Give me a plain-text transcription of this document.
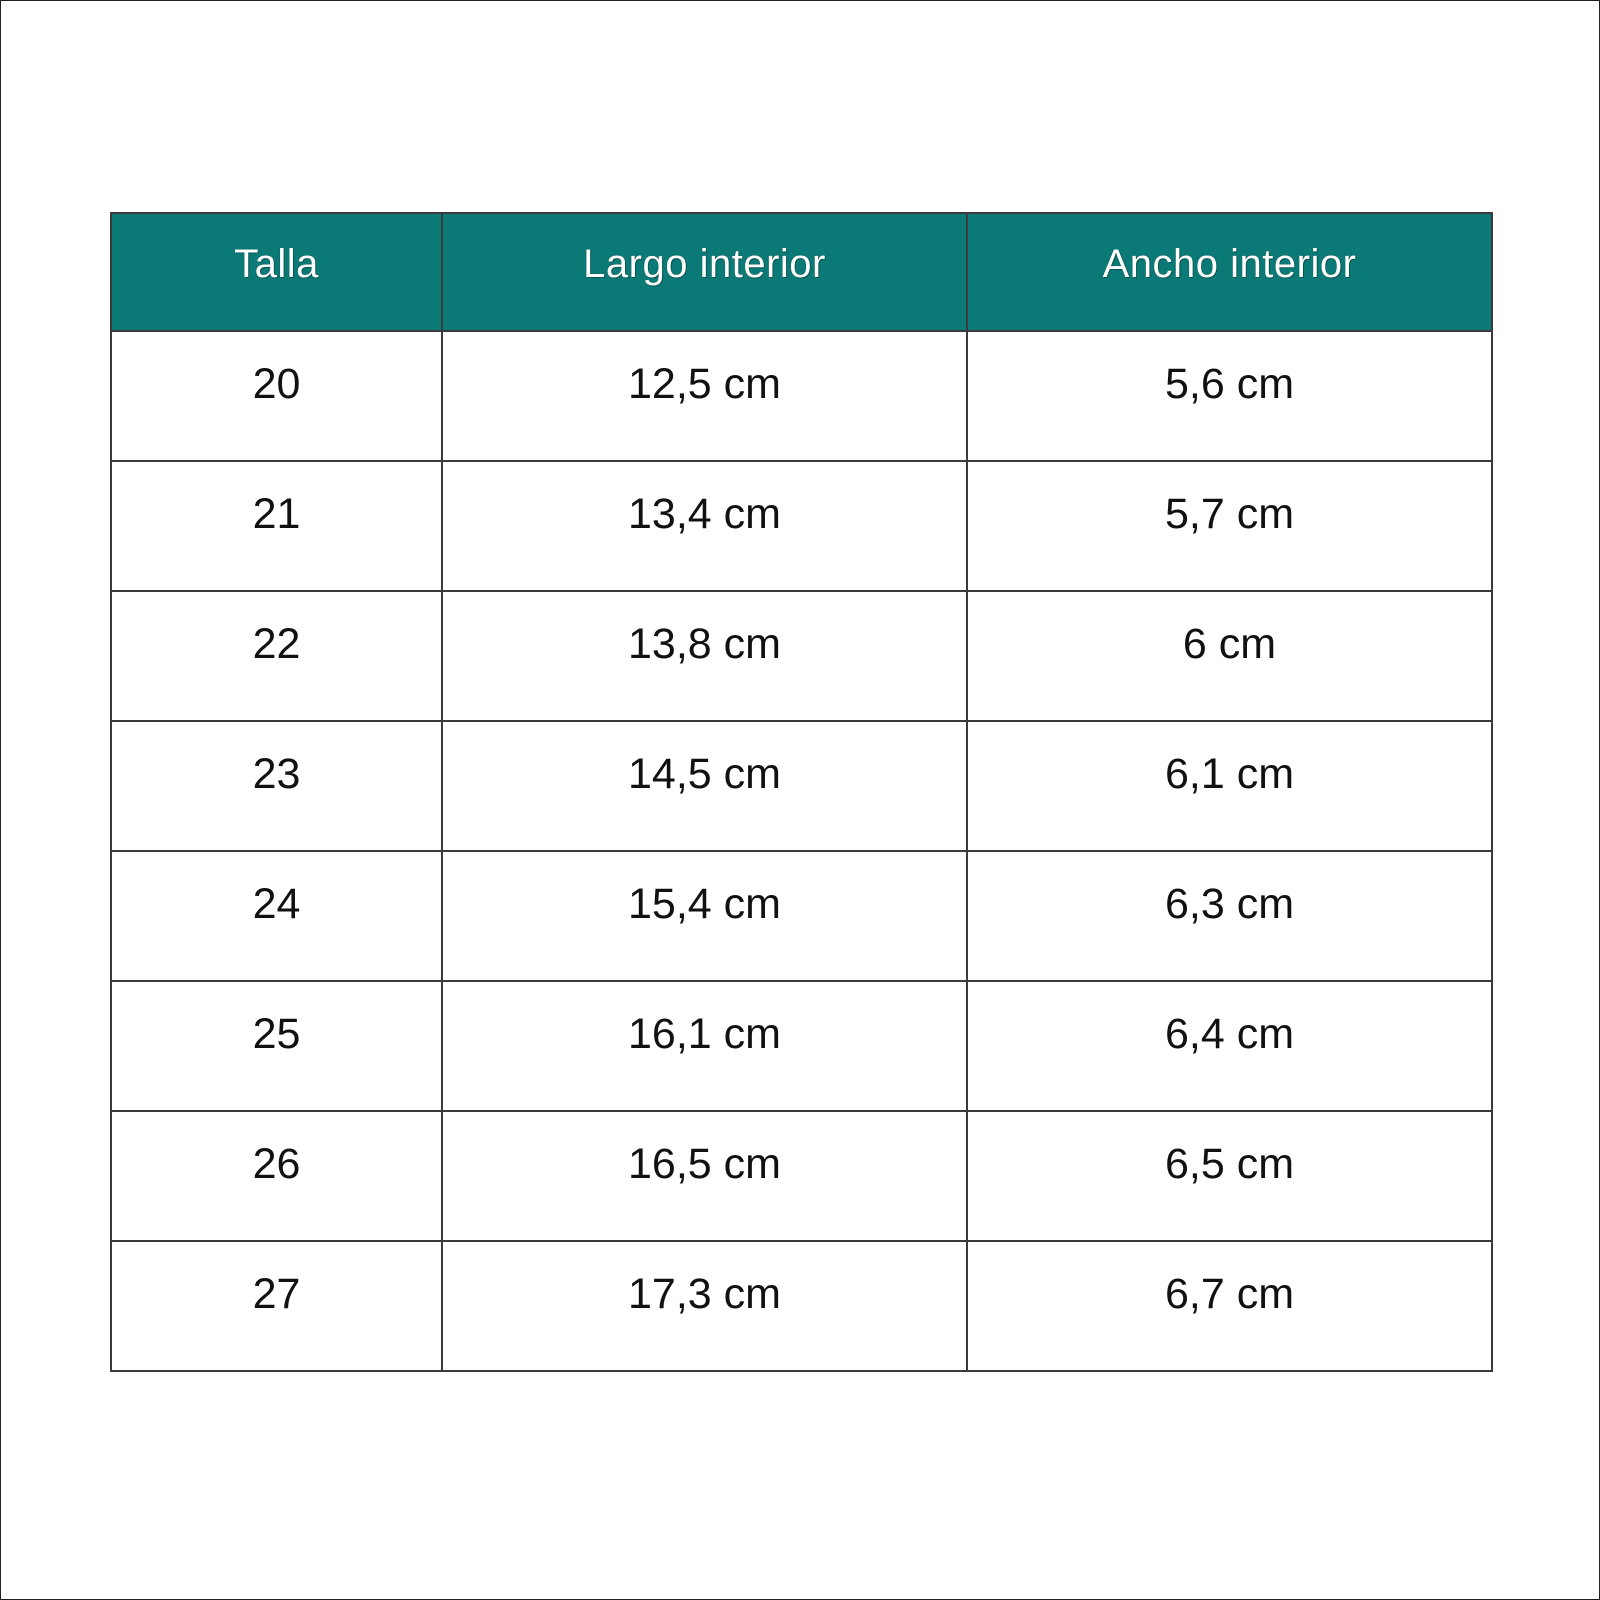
Talla	Largo interior	Ancho interior
20	12,5 cm	5,6 cm
21	13,4 cm	5,7 cm
22	13,8 cm	6 cm
23	14,5 cm	6,1 cm
24	15,4 cm	6,3 cm
25	16,1 cm	6,4 cm
26	16,5 cm	6,5 cm
27	17,3 cm	6,7 cm
